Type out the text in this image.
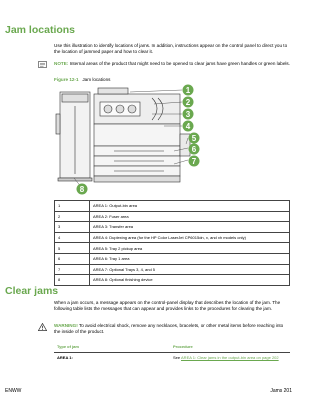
Jam locations
Use this illustration to identify locations of jams. In addition, instructions appear on the control panel to direct you to the location of jammed paper and how to clear it.
NOTE: Internal areas of the product that might need to be opened to clear jams have green handles or green labels.
Figure 12-1 Jam locations
1
2
3
4
5
6
7
8
1	AREA 1: Output-bin area
2	AREA 2: Fuser area
3	AREA 3: Transfer area
4	AREA 4: Duplexing area (for the HP Color LaserJet CP6015dn, x, and xh models only)
5	AREA 5: Tray 2 pickup area
6	AREA 6: Tray 1 area
7	AREA 7: Optional Trays 3, 4, and 5
8	AREA 8: Optional finishing device
Clear jams
When a jam occurs, a message appears on the control-panel display that describes the location of the jam. The following table lists the messages that can appear and provides links to the procedures for clearing the jam.
WARNING! To avoid electrical shock, remove any necklaces, bracelets, or other metal items before reaching into the inside of the product.
Type of jam	Procedure
AREA 1:	See AREA 1: Clear jams in the output-bin area on page 202
ENWW	Jams 201
